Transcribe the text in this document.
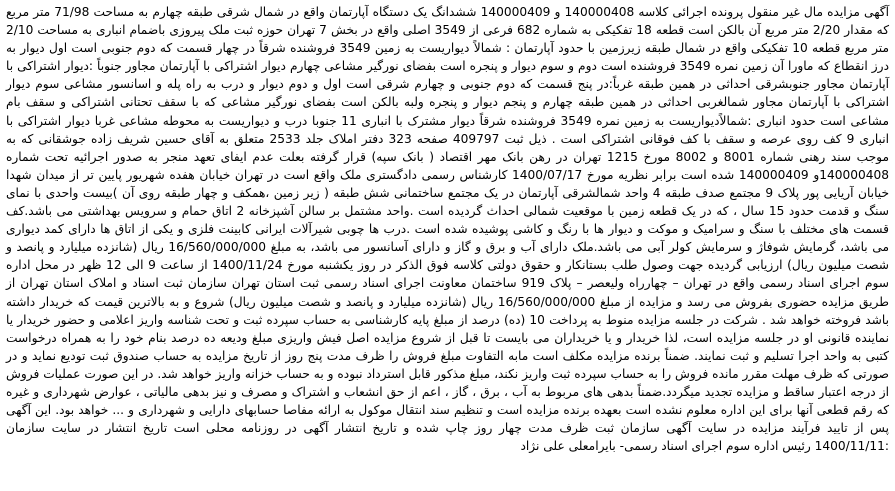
آگهی مزایده مال غیر منقول پرونده اجرائی کلاسه 140000408 و 140000409 ششدانگ یک دستگاه آپارتمان واقع در شمال شرقی طبقه چهارم به مساحت 71/98 متر مربع که مقدار 2/20 متر مربع آن بالکن است قطعه 18 تفکیکی به شماره 682 فرعی از 3549 اصلی واقع در بخش 7 تهران حوزه ثبت ملک پیروزی باضمام انباری به مساحت 2/10 متر مربع قطعه 10 تفکیکی واقع در شمال طبقه زیرزمین با حدود آپارتمان : شمالاً دیواریست به زمین 3549 فروشنده شرقاً در چهار قسمت که دوم جنوبی است اول دیوار به درز انقطاع که ماورا آن زمین نمره 3549 فروشنده است دوم و سوم دیوار و پنجره است بفضای نورگیر مشاعی چهارم دیوار اشتراکی با آپارتمان مجاور جنوباً :دیوار اشتراکی با آپارتمان مجاور جنوبشرقی احداثی در همین طبقه غرباً:در پنج قسمت که دوم جنوبی و چهارم شرقی است اول و دوم دیوار و درب به راه پله و اسانسور مشاعی سوم دیوار اشتراکی با آپارتمان مجاور شمالغربی احداثی در همین طبقه چهارم و پنجم دیوار و پنجره ولبه بالکن است بفضای نورگیر مشاعی که با سقف تحتانی اشتراکی و سقف بام مشاعی است حدود انباری :شمالاًدیواریست به زمین نمره 3549 فروشنده شرقاً دیوار مشترک با انباری 11 جنوبا درب و دیواریست به محوطه مشاعی غربا دیوار اشتراکی با انباری 9 کف روی عرصه و سقف با کف فوقانی اشتراکی است . ذیل ثبت 409797 صفحه 323 دفتر املاک جلد 2533 متعلق به آقای حسین شریف زاده جوشقانی که به موجب سند رهنی شماره 8001 و 8002 مورخ 1215 تهران در رهن بانک مهر اقتصاد ( بانک سپه) قرار گرفته بعلت عدم ایفای تعهد منجر به صدور اجرائیه تحت شماره 140000408و 140000409 شده است برابر نظریه مورخ 1400/07/17 کارشناس رسمی دادگستری ملک واقع است در تهران خیابان هفده شهریور پایین تر از میدان شهدا خیابان آریایی پور پلاک 9 مجتمع صدف طبقه 4 واحد شمالشرقی آپارتمان در یک مجتمع ساختمانی شش طبقه ( زیر زمین ،همکف و چهار طبقه روی آن )بیست واحدی با نمای سنگ و قدمت حدود 15 سال ، که در یک قطعه زمین با موقعیت شمالی احداث گردیده است .واحد مشتمل بر سالن آشپزخانه 2 اتاق حمام و سرویس بهداشتی می باشد.کف قسمت های مختلف با سنگ و سرامیک و موکت و دیوار ها با رنگ و کاشی پوشیده شده است .درب ها چوبی شیرآلات ایرانی کابینت فلزی و یکی از اتاق ها دارای کمد دیواری می باشد، گرمایش شوفاژ و سرمایش کولر آبی می باشد.ملک دارای آب و برق و گاز و دارای آسانسور می باشد، به مبلغ 16/560/000/000 ریال (شانزده میلیارد و پانصد و شصت میلیون ریال) ارزیابی گردیده جهت وصول طلب بستانکار و حقوق دولتی کلاسه فوق الذکر در روز یکشنبه مورخ 1400/11/24 از ساعت 9 الی 12 ظهر در محل اداره سوم اجرای اسناد رسمی واقع در تهران – چهارراه ولیعصر – پلاک 919 ساختمان معاونت اجرای اسناد رسمی ثبت استان تهران سازمان ثبت اسناد و املاک استان تهران از طریق مزایده حضوری بفروش می رسد و مزایده از مبلغ 16/560/000/000 ریال (شانزده میلیارد و پانصد و شصت میلیون ریال) شروع و به بالاترین قیمت که خریدار داشته باشد فروخته خواهد شد . شرکت در جلسه مزایده منوط به پرداخت 10 (ده) درصد از مبلغ پایه کارشناسی به حساب سپرده ثبت و تحت شناسه واریز اعلامی و حضور خریدار یا نماینده قانونی او در جلسه مزایده است، لذا خریدار و یا خریداران می بایست تا قبل از شروع مزایده اصل فیش واریزی مبلغ ودیعه ده درصد بنام خود را به همراه درخواست کتبی به واحد اجرا تسلیم و ثبت نمایند. ضمناً برنده مزایده مکلف است مابه التفاوت مبلغ فروش را ظرف مدت پنج روز از تاریخ مزایده به حساب صندوق ثبت تودیع نماید و در صورتی که ظرف مهلت مقرر مانده فروش را به حساب سپرده ثبت واریز نکند، مبلغ مذکور قابل استرداد نبوده و به حساب خزانه واریز خواهد شد. در این صورت عملیات فروش از درجه اعتبار ساقط و مزایده تجدید میگردد.ضمناً بدهی های مربوط به آب ، برق ، گاز ، اعم از حق انشعاب و اشتراک و مصرف و نیز بدهی مالیاتی ، عوارض شهرداری و غیره که رقم قطعی آنها برای این اداره معلوم نشده است بعهده برنده مزایده است و تنظیم سند انتقال موکول به ارائه مفاصا حسابهای دارایی و شهرداری و ... خواهد بود. این آگهی پس از تایید فرآیند مزایده در سایت آگهی سازمان ثبت ظرف مدت چهار روز چاپ شده و تاریخ انتشار آگهی در روزنامه محلی است تاریخ انتشار در سایت سازمان :1400/11/11 رئیس اداره سوم اجرای اسناد رسمی- بایرامعلی علی نژاد
